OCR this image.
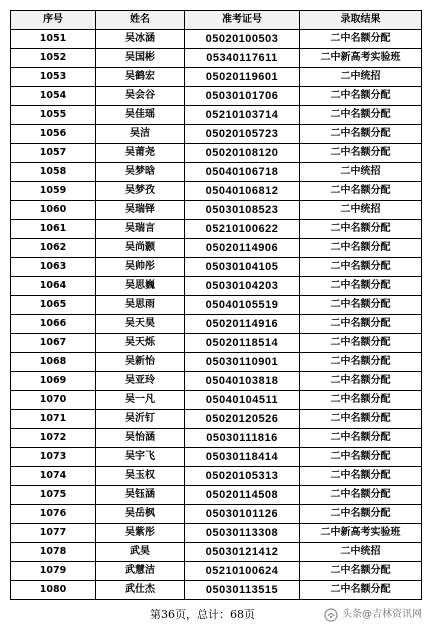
序号	姓名	准考证号	录取结果
1051	吴冰涵	05020100503	二中名额分配
1052	吴国彬	05340117611	二中新高考实验班
1053	吴鹤宏	05020119601	二中统招
1054	吴会谷	05030101706	二中名额分配
1055	吴佳瑶	05210103714	二中名额分配
1056	吴洁	05020105723	二中名额分配
1057	吴莆尧	05020108120	二中名额分配
1058	吴梦晗	05040106718	二中统招
1059	吴梦孜	05040106812	二中名额分配
1060	吴瑞铎	05030108523	二中统招
1061	吴瑞言	05210100622	二中名额分配
1062	吴尚颢	05020114906	二中名额分配
1063	吴帅彤	05030104105	二中名额分配
1064	吴思巍	05030104203	二中名额分配
1065	吴思雨	05040105519	二中名额分配
1066	吴天昊	05020114916	二中名额分配
1067	吴天烁	05020118514	二中名额分配
1068	吴新怡	05030110901	二中名额分配
1069	吴亚玲	05040103818	二中名额分配
1070	吴一凡	05040104511	二中名额分配
1071	吴沂钉	05020120526	二中名额分配
1072	吴怡涵	05030111816	二中名额分配
1073	吴宇飞	05030118414	二中名额分配
1074	吴玉权	05020105313	二中名额分配
1075	吴钰涵	05020114508	二中名额分配
1076	吴岳枫	05030101126	二中名额分配
1077	吴紫彤	05030113308	二中新高考实验班
1078	武昊	05030121412	二中统招
1079	武慧洁	05210100624	二中名额分配
1080	武仕杰	05030113515	二中名额分配
第36页，总计：68页	头条@吉林资讯网
